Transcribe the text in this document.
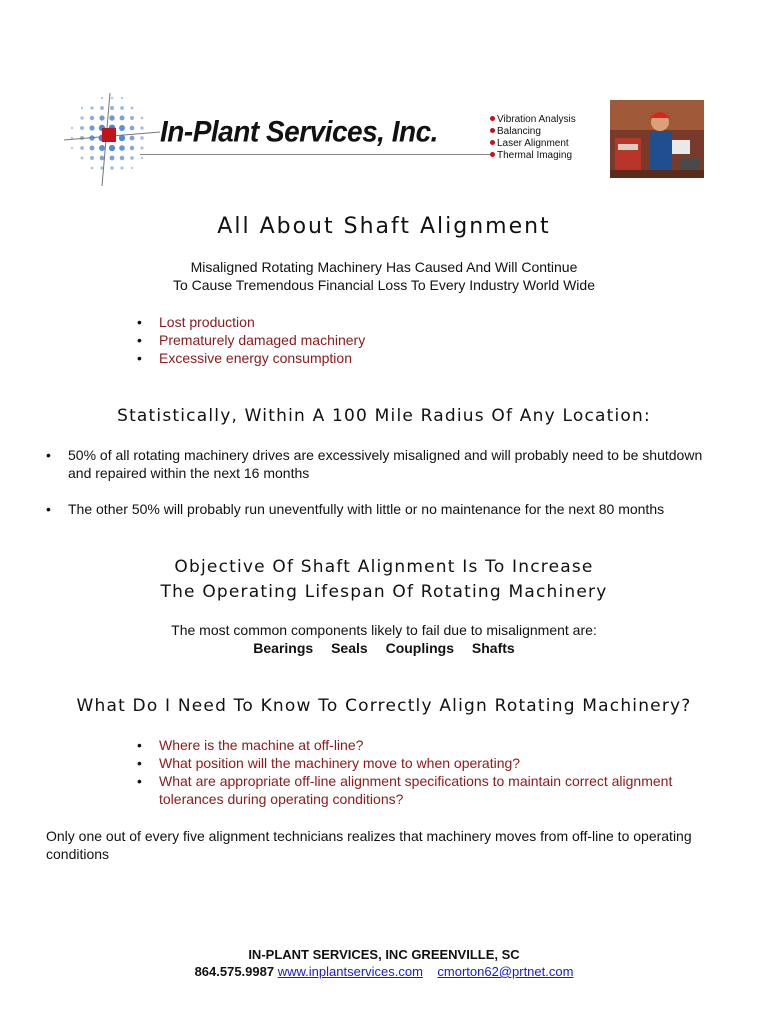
In-Plant Services, Inc.	Vibration Analysis
Balancing
Laser Alignment
Thermal Imaging
All About Shaft Alignment
Misaligned Rotating Machinery Has Caused And Will Continue
To Cause Tremendous Financial Loss To Every Industry World Wide
• Lost production
• Prematurely damaged machinery
• Excessive energy consumption
Statistically, Within A 100 Mile Radius Of Any Location:
• 50% of all rotating machinery drives are excessively misaligned and will probably need to be shutdown and repaired within the next 16 months
• The other 50% will probably run uneventfully with little or no maintenance for the next 80 months
Objective Of Shaft Alignment Is To Increase
The Operating Lifespan Of Rotating Machinery
The most common components likely to fail due to misalignment are:
Bearings Seals Couplings Shafts
What Do I Need To Know To Correctly Align Rotating Machinery?
• Where is the machine at off-line?
• What position will the machinery move to when operating?
• What are appropriate off-line alignment specifications to maintain correct alignment tolerances during operating conditions?
Only one out of every five alignment technicians realizes that machinery moves from off-line to operating conditions
IN-PLANT SERVICES, INC GREENVILLE, SC
864.575.9987 www.inplantservices.com cmorton62@prtnet.com
